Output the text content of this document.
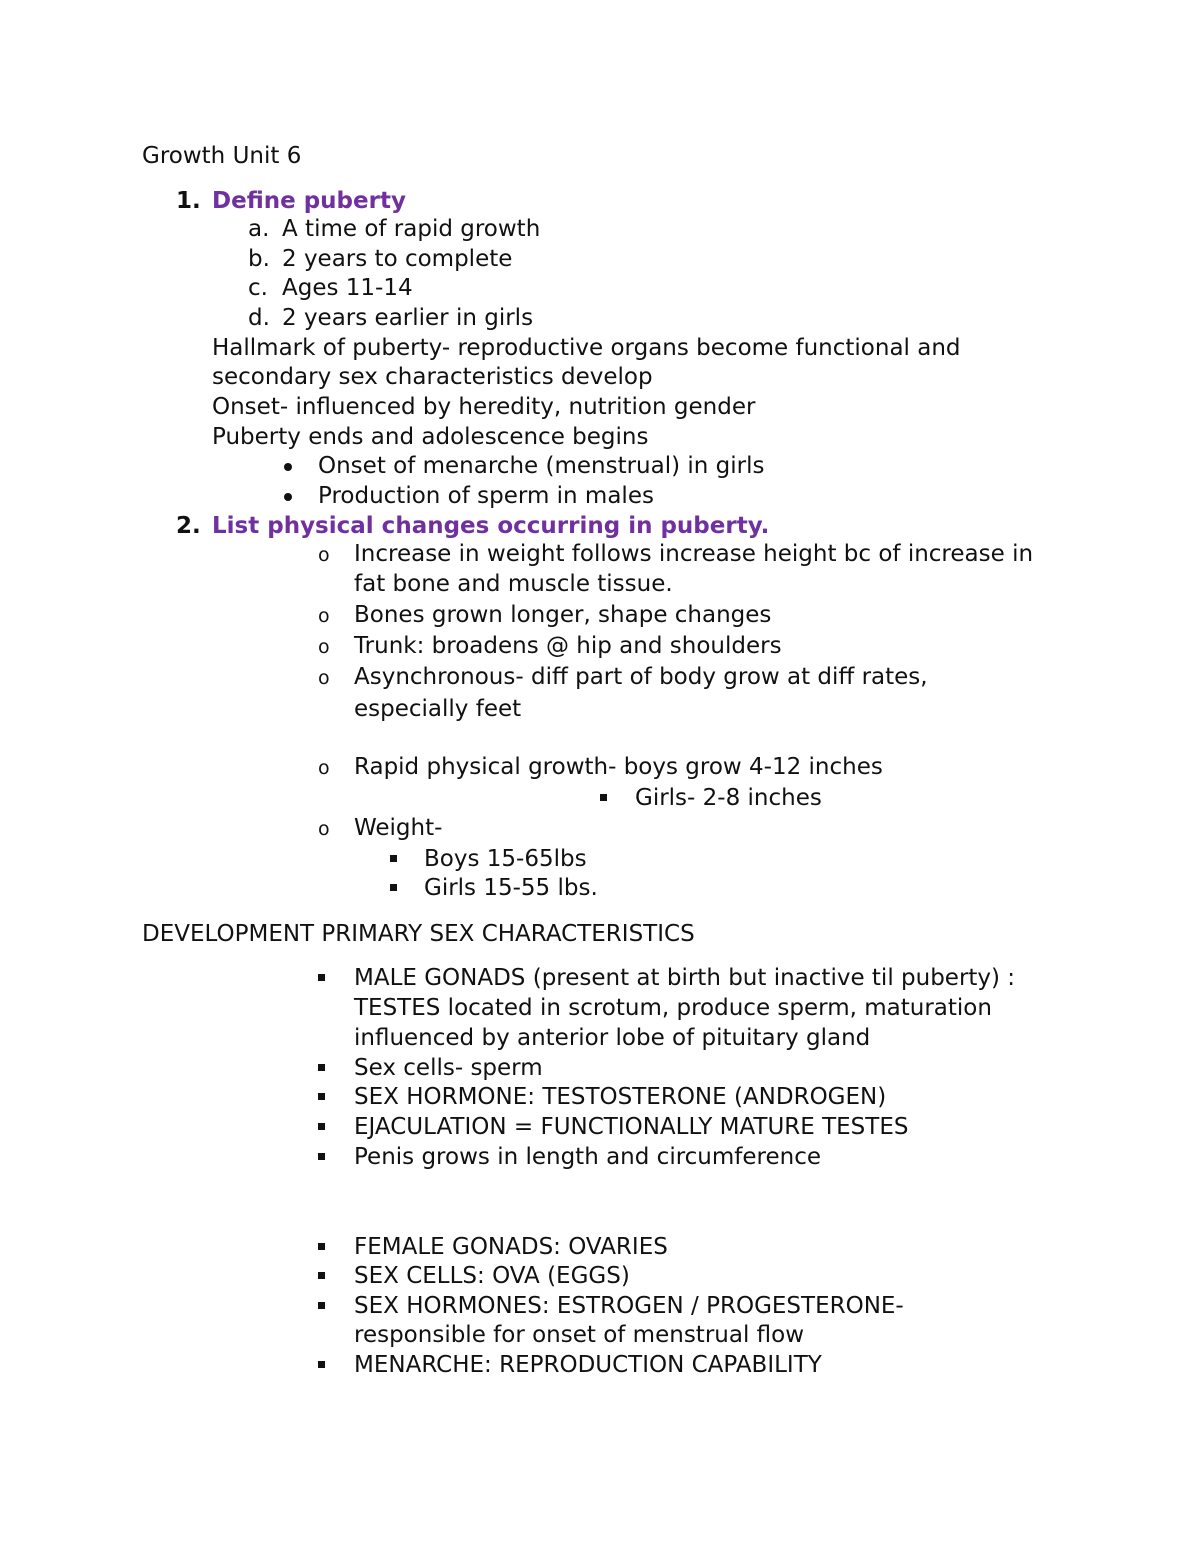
Growth Unit 6
1. Define puberty
a. A time of rapid growth
b. 2 years to complete
c. Ages 11-14
d. 2 years earlier in girls
Hallmark of puberty- reproductive organs become functional and
secondary sex characteristics develop
Onset- influenced by heredity, nutrition gender
Puberty ends and adolescence begins
Onset of menarche (menstrual) in girls
Production of sperm in males
2. List physical changes occurring in puberty.
o Increase in weight follows increase height bc of increase in
fat bone and muscle tissue.
o Bones grown longer, shape changes
o Trunk: broadens @ hip and shoulders
o Asynchronous- diff part of body grow at diff rates,
especially feet
o Rapid physical growth- boys grow 4-12 inches
Girls- 2-8 inches
o Weight-
Boys 15-65lbs
Girls 15-55 lbs.
DEVELOPMENT PRIMARY SEX CHARACTERISTICS
MALE GONADS (present at birth but inactive til puberty) :
TESTES located in scrotum, produce sperm, maturation
influenced by anterior lobe of pituitary gland
Sex cells- sperm
SEX HORMONE: TESTOSTERONE (ANDROGEN)
EJACULATION = FUNCTIONALLY MATURE TESTES
Penis grows in length and circumference
FEMALE GONADS: OVARIES
SEX CELLS: OVA (EGGS)
SEX HORMONES: ESTROGEN / PROGESTERONE-
responsible for onset of menstrual flow
MENARCHE: REPRODUCTION CAPABILITY
